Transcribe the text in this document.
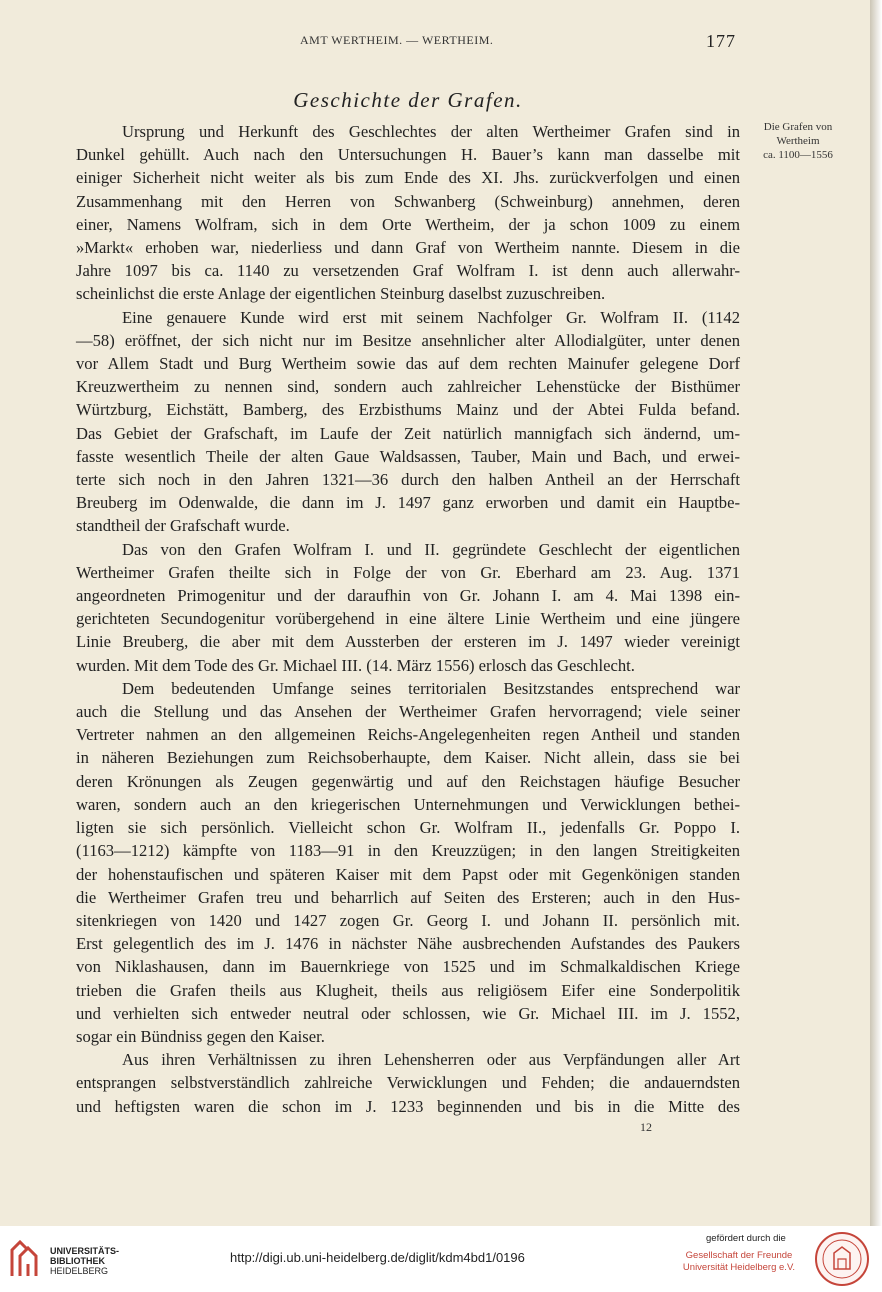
AMT WERTHEIM. — WERTHEIM.	177
Geschichte der Grafen.
Die Grafen von
Wertheim
ca. 1100—1556
Ursprung und Herkunft des Geschlechtes der alten Wertheimer Grafen sind in
Dunkel gehüllt. Auch nach den Untersuchungen H. Bauer’s kann man dasselbe mit
einiger Sicherheit nicht weiter als bis zum Ende des XI. Jhs. zurückverfolgen und einen
Zusammenhang mit den Herren von Schwanberg (Schweinburg) annehmen, deren
einer, Namens Wolfram, sich in dem Orte Wertheim, der ja schon 1009 zu einem
»Markt« erhoben war, niederliess und dann Graf von Wertheim nannte. Diesem in die
Jahre 1097 bis ca. 1140 zu versetzenden Graf Wolfram I. ist denn auch allerwahr-
scheinlichst die erste Anlage der eigentlichen Steinburg daselbst zuzuschreiben.
Eine genauere Kunde wird erst mit seinem Nachfolger Gr. Wolfram II. (1142
—58) eröffnet, der sich nicht nur im Besitze ansehnlicher alter Allodialgüter, unter denen
vor Allem Stadt und Burg Wertheim sowie das auf dem rechten Mainufer gelegene Dorf
Kreuzwertheim zu nennen sind, sondern auch zahlreicher Lehenstücke der Bisthümer
Würtzburg, Eichstätt, Bamberg, des Erzbisthums Mainz und der Abtei Fulda befand.
Das Gebiet der Grafschaft, im Laufe der Zeit natürlich mannigfach sich ändernd, um-
fasste wesentlich Theile der alten Gaue Waldsassen, Tauber, Main und Bach, und erwei-
terte sich noch in den Jahren 1321—36 durch den halben Antheil an der Herrschaft
Breuberg im Odenwalde, die dann im J. 1497 ganz erworben und damit ein Hauptbe-
standtheil der Grafschaft wurde.
Das von den Grafen Wolfram I. und II. gegründete Geschlecht der eigentlichen
Wertheimer Grafen theilte sich in Folge der von Gr. Eberhard am 23. Aug. 1371
angeordneten Primogenitur und der daraufhin von Gr. Johann I. am 4. Mai 1398 ein-
gerichteten Secundogenitur vorübergehend in eine ältere Linie Wertheim und eine jüngere
Linie Breuberg, die aber mit dem Aussterben der ersteren im J. 1497 wieder vereinigt
wurden. Mit dem Tode des Gr. Michael III. (14. März 1556) erlosch das Geschlecht.
Dem bedeutenden Umfange seines territorialen Besitzstandes entsprechend war
auch die Stellung und das Ansehen der Wertheimer Grafen hervorragend; viele seiner
Vertreter nahmen an den allgemeinen Reichs-Angelegenheiten regen Antheil und standen
in näheren Beziehungen zum Reichsoberhaupte, dem Kaiser. Nicht allein, dass sie bei
deren Krönungen als Zeugen gegenwärtig und auf den Reichstagen häufige Besucher
waren, sondern auch an den kriegerischen Unternehmungen und Verwicklungen bethei-
ligten sie sich persönlich. Vielleicht schon Gr. Wolfram II., jedenfalls Gr. Poppo I.
(1163—1212) kämpfte von 1183—91 in den Kreuzzügen; in den langen Streitigkeiten
der hohenstaufischen und späteren Kaiser mit dem Papst oder mit Gegenkönigen standen
die Wertheimer Grafen treu und beharrlich auf Seiten des Ersteren; auch in den Hus-
sitenkriegen von 1420 und 1427 zogen Gr. Georg I. und Johann II. persönlich mit.
Erst gelegentlich des im J. 1476 in nächster Nähe ausbrechenden Aufstandes des Paukers
von Niklashausen, dann im Bauernkriege von 1525 und im Schmalkaldischen Kriege
trieben die Grafen theils aus Klugheit, theils aus religiösem Eifer eine Sonderpolitik
und verhielten sich entweder neutral oder schlossen, wie Gr. Michael III. im J. 1552,
sogar ein Bündniss gegen den Kaiser.
Aus ihren Verhältnissen zu ihren Lehensherren oder aus Verpfändungen aller Art
entsprangen selbstverständlich zahlreiche Verwicklungen und Fehden; die andauerndsten
und heftigsten waren die schon im J. 1233 beginnenden und bis in die Mitte des
12
UNIVERSITÄTS-
BIBLIOTHEK
HEIDELBERG
http://digi.ub.uni-heidelberg.de/diglit/kdm4bd1/0196
gefördert durch die
Gesellschaft der Freunde
Universität Heidelberg e.V.
